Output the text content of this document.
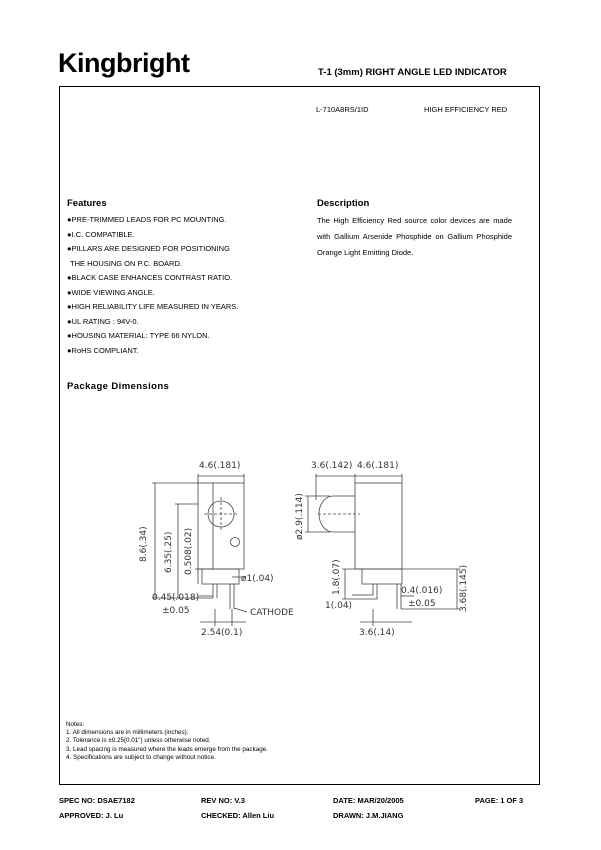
Kingbright	T-1 (3mm) RIGHT ANGLE LED INDICATOR
L-710A8RS/1ID	HIGH EFFICIENCY RED
Features
●PRE-TRIMMED LEADS FOR PC MOUNTING.
●I.C. COMPATIBLE.
●PILLARS ARE DESIGNED FOR POSITIONING
THE HOUSING ON P.C. BOARD.
●BLACK CASE ENHANCES CONTRAST RATIO.
●WIDE VIEWING ANGLE.
●HIGH RELIABILITY LIFE MEASURED IN YEARS.
●UL RATING : 94V-0.
●HOUSING MATERIAL: TYPE 66 NYLON.
●RoHS COMPLIANT.
Description
The High Efficiency Red source color devices are made with Gallium Arsenide Phosphide on Gallium Phosphide Orange Light Emitting Diode.
Package Dimensions
4.6(.181)
8.6(.34) 6.35(.25) 0.508(.02)
ø1(.04)
0.45(.018)
±0.05	CATHODE
2.54(0.1)
3.6(.142) 4.6(.181)
ø2.9(.114)
1.8(.07)
1(.04)
0.4(.016)
±0.05	3.68(.145)
3.6(.14)
Notes:
1. All dimensions are in millimeters (inches).
2. Tolerance is ±0.25(0.01") unless otherwise noted.
3. Lead spacing is measured where the leads emerge from the package.
4. Specifications are subject to change without notice.
SPEC NO: DSAE7182	REV NO: V.3	DATE: MAR/20/2005	PAGE: 1 OF 3
APPROVED: J. Lu	CHECKED: Allen Liu	DRAWN: J.M.JIANG
